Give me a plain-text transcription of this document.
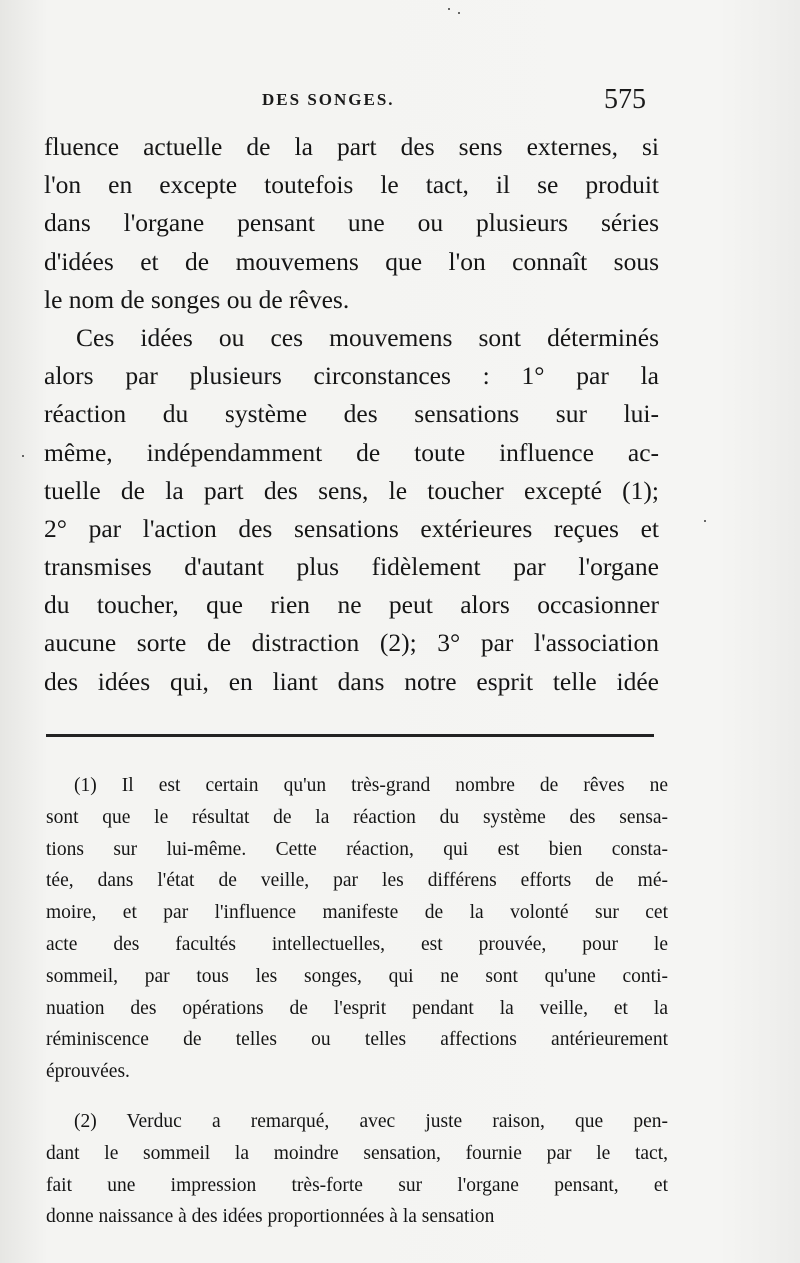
DES SONGES.	575
fluence actuelle de la part des sens externes, si
l'on en excepte toutefois le tact, il se produit
dans l'organe pensant une ou plusieurs séries
d'idées et de mouvemens que l'on connaît sous
le nom de songes ou de rêves.
Ces idées ou ces mouvemens sont déterminés
alors par plusieurs circonstances : 1° par la
réaction du système des sensations sur lui-
même, indépendamment de toute influence ac-
tuelle de la part des sens, le toucher excepté (1);
2° par l'action des sensations extérieures reçues et
transmises d'autant plus fidèlement par l'organe
du toucher, que rien ne peut alors occasionner
aucune sorte de distraction (2); 3° par l'association
des idées qui, en liant dans notre esprit telle idée
(1) Il est certain qu'un très-grand nombre de rêves ne
sont que le résultat de la réaction du système des sensa-
tions sur lui-même. Cette réaction, qui est bien consta-
tée, dans l'état de veille, par les différens efforts de mé-
moire, et par l'influence manifeste de la volonté sur cet
acte des facultés intellectuelles, est prouvée, pour le
sommeil, par tous les songes, qui ne sont qu'une conti-
nuation des opérations de l'esprit pendant la veille, et la
réminiscence de telles ou telles affections antérieurement
éprouvées.
(2) Verduc a remarqué, avec juste raison, que pen-
dant le sommeil la moindre sensation, fournie par le tact,
fait une impression très-forte sur l'organe pensant, et
donne naissance à des idées proportionnées à la sensation
